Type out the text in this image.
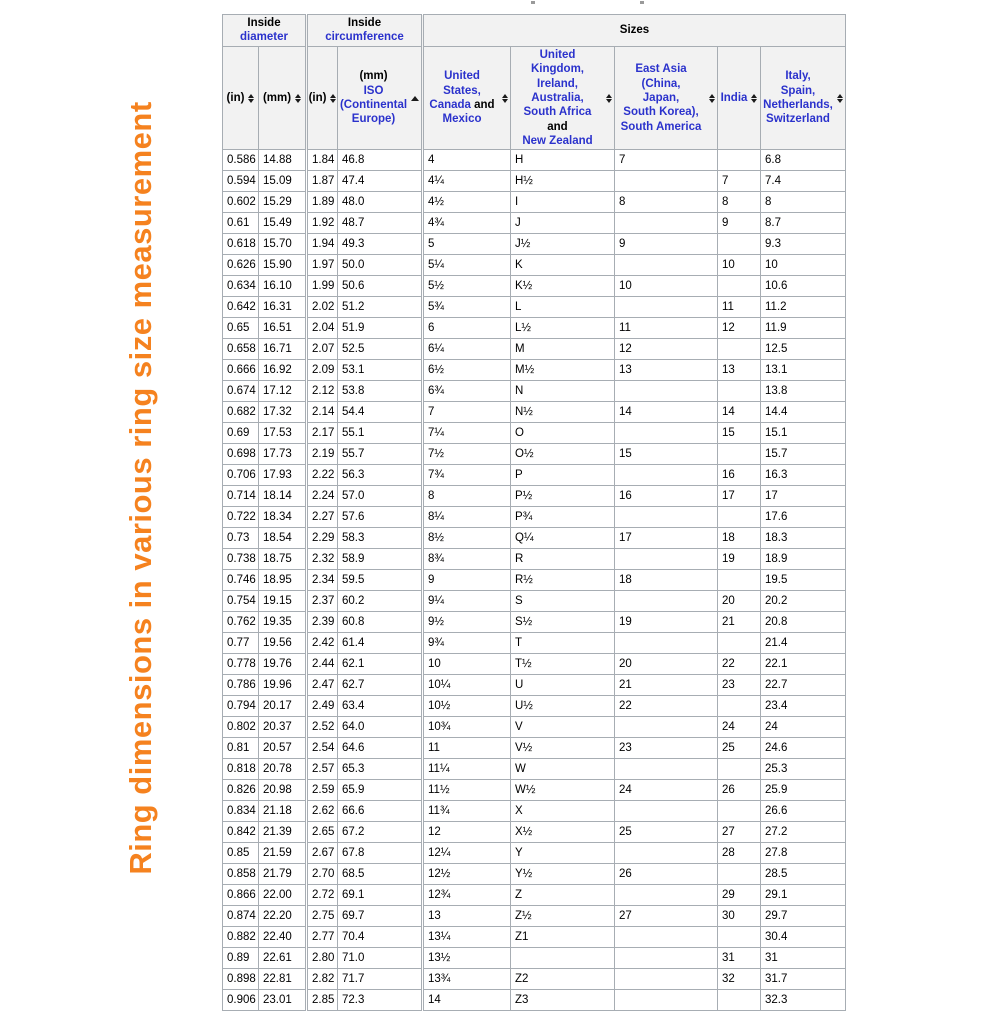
Ring dimensions in various ring size measurement
Inside diameter		Inside circumference		Sizes				

(in)	(mm)	(in)	(mm)
ISO
(Continental
Europe)	United States,
Canada and
Mexico	United Kingdom,
Ireland,
Australia,
South Africa and
New Zealand	East Asia (China,
Japan,
South Korea),
South America	India	Italy,
Spain,
Netherlands,
Switzerland

0.586	14.88	1.84	46.8	4	H	7		6.8
0.594	15.09	1.87	47.4	4¼	H½		7	7.4
0.602	15.29	1.89	48.0	4½	I	8	8	8
0.61	15.49	1.92	48.7	4¾	J		9	8.7
0.618	15.70	1.94	49.3	5	J½	9		9.3
0.626	15.90	1.97	50.0	5¼	K		10	10
0.634	16.10	1.99	50.6	5½	K½	10		10.6
0.642	16.31	2.02	51.2	5¾	L		11	11.2
0.65	16.51	2.04	51.9	6	L½	11	12	11.9
0.658	16.71	2.07	52.5	6¼	M	12		12.5
0.666	16.92	2.09	53.1	6½	M½	13	13	13.1
0.674	17.12	2.12	53.8	6¾	N			13.8
0.682	17.32	2.14	54.4	7	N½	14	14	14.4
0.69	17.53	2.17	55.1	7¼	O		15	15.1
0.698	17.73	2.19	55.7	7½	O½	15		15.7
0.706	17.93	2.22	56.3	7¾	P		16	16.3
0.714	18.14	2.24	57.0	8	P½	16	17	17
0.722	18.34	2.27	57.6	8¼	P¾			17.6
0.73	18.54	2.29	58.3	8½	Q¼	17	18	18.3
0.738	18.75	2.32	58.9	8¾	R		19	18.9
0.746	18.95	2.34	59.5	9	R½	18		19.5
0.754	19.15	2.37	60.2	9¼	S		20	20.2
0.762	19.35	2.39	60.8	9½	S½	19	21	20.8
0.77	19.56	2.42	61.4	9¾	T			21.4
0.778	19.76	2.44	62.1	10	T½	20	22	22.1
0.786	19.96	2.47	62.7	10¼	U	21	23	22.7
0.794	20.17	2.49	63.4	10½	U½	22		23.4
0.802	20.37	2.52	64.0	10¾	V		24	24
0.81	20.57	2.54	64.6	11	V½	23	25	24.6
0.818	20.78	2.57	65.3	11¼	W			25.3
0.826	20.98	2.59	65.9	11½	W½	24	26	25.9
0.834	21.18	2.62	66.6	11¾	X			26.6
0.842	21.39	2.65	67.2	12	X½	25	27	27.2
0.85	21.59	2.67	67.8	12¼	Y		28	27.8
0.858	21.79	2.70	68.5	12½	Y½	26		28.5
0.866	22.00	2.72	69.1	12¾	Z		29	29.1
0.874	22.20	2.75	69.7	13	Z½	27	30	29.7
0.882	22.40	2.77	70.4	13¼	Z1			30.4
0.89	22.61	2.80	71.0	13½			31	31
0.898	22.81	2.82	71.7	13¾	Z2		32	31.7
0.906	23.01	2.85	72.3	14	Z3			32.3
